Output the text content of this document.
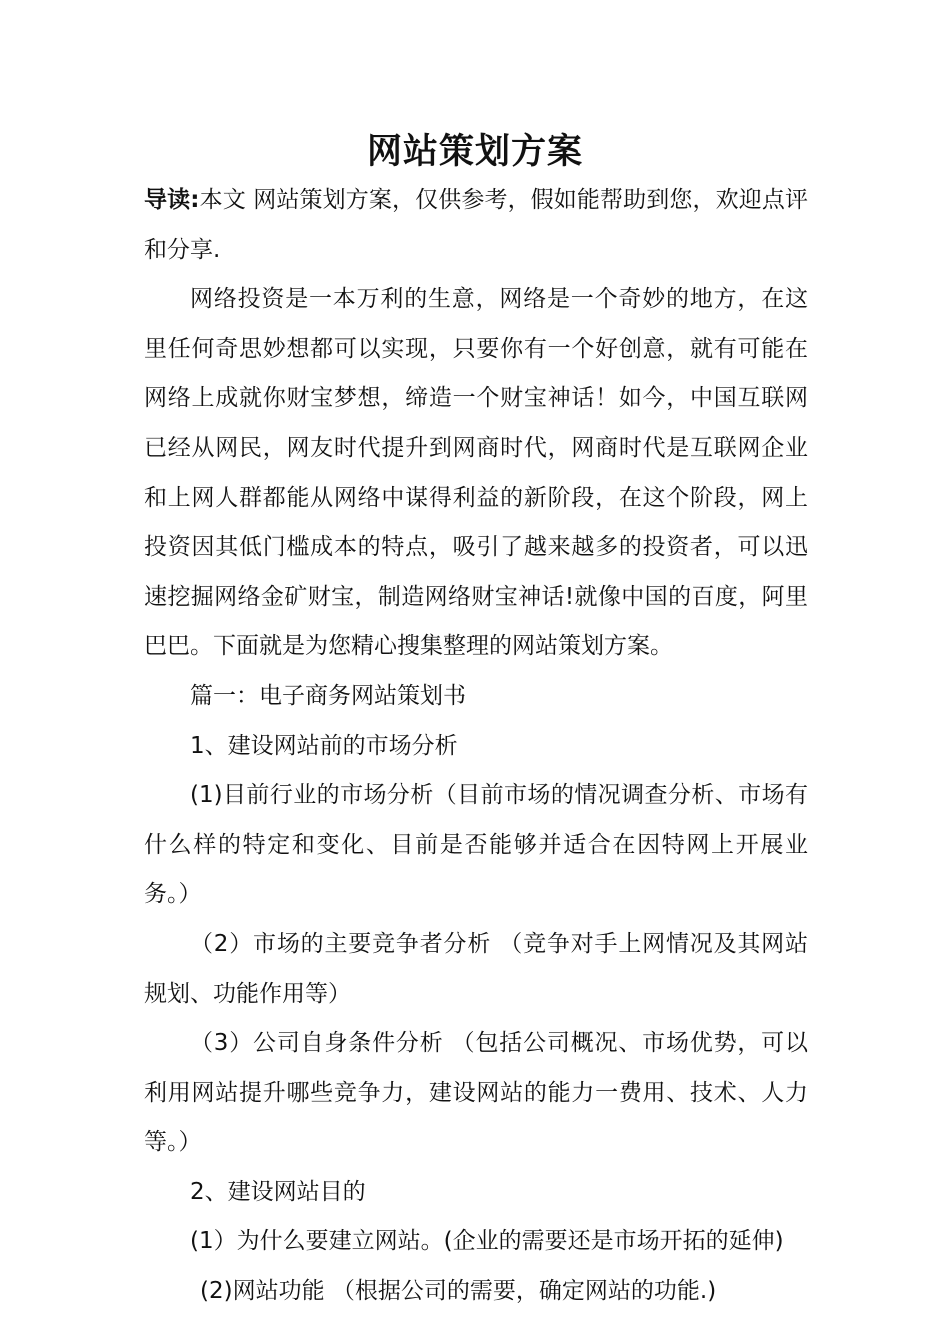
网站策划方案

导读:本文 网站策划方案，仅供参考，假如能帮助到您，欢迎点评和分享.

网络投资是一本万利的生意，网络是一个奇妙的地方，在这里任何奇思妙想都可以实现，只要你有一个好创意，就有可能在网络上成就你财宝梦想，缔造一个财宝神话！如今，中国互联网已经从网民，网友时代提升到网商时代，网商时代是互联网企业和上网人群都能从网络中谋得利益的新阶段，在这个阶段，网上投资因其低门槛成本的特点，吸引了越来越多的投资者，可以迅速挖掘网络金矿财宝，制造网络财宝神话!就像中国的百度，阿里巴巴。下面就是为您精心搜集整理的网站策划方案。

篇一：电子商务网站策划书

1、建设网站前的市场分析

(1)目前行业的市场分析（目前市场的情况调查分析、市场有什么样的特定和变化、目前是否能够并适合在因特网上开展业务。）

（2）市场的主要竞争者分析 （竞争对手上网情况及其网站规划、功能作用等）

（3）公司自身条件分析 （包括公司概况、市场优势，可以利用网站提升哪些竞争力，建设网站的能力一费用、技术、人力等。）

2、建设网站目的

(1）为什么要建立网站。(企业的需要还是市场开拓的延伸)

(2)网站功能 （根据公司的需要，确定网站的功能.)
